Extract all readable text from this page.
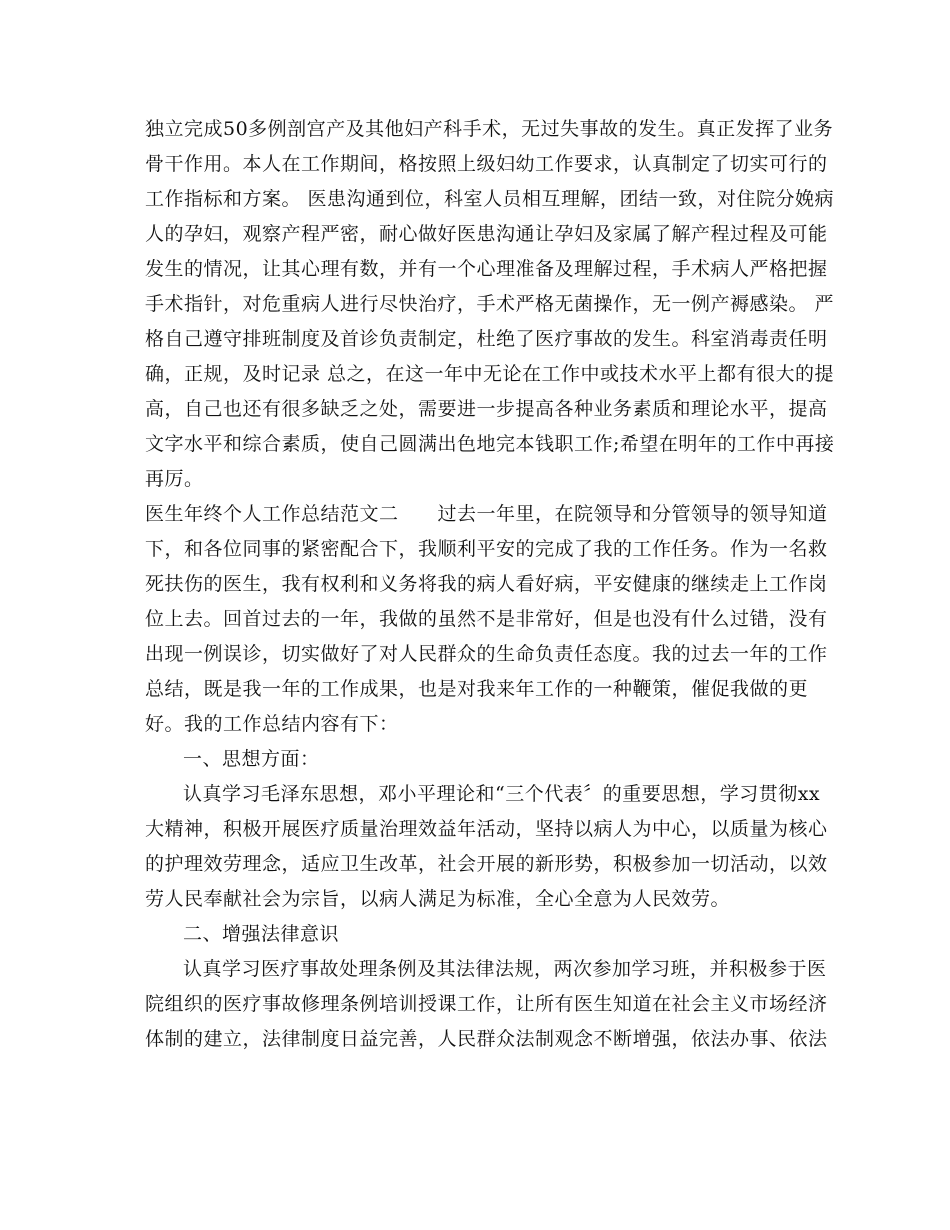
独立完成50多例剖宫产及其他妇产科手术，无过失事故的发生。真正发挥了业务
骨干作用。本人在工作期间，格按照上级妇幼工作要求，认真制定了切实可行的
工作指标和方案。 医患沟通到位，科室人员相互理解，团结一致，对住院分娩病
人的孕妇，观察产程严密，耐心做好医患沟通让孕妇及家属了解产程过程及可能
发生的情况，让其心理有数，并有一个心理准备及理解过程，手术病人严格把握
手术指针，对危重病人进行尽快治疗，手术严格无菌操作，无一例产褥感染。 严
格自己遵守排班制度及首诊负责制定，杜绝了医疗事故的发生。科室消毒责任明
确，正规，及时记录 总之，在这一年中无论在工作中或技术水平上都有很大的提
高，自己也还有很多缺乏之处，需要进一步提高各种业务素质和理论水平，提高
文字水平和综合素质，使自己圆满出色地完本钱职工作;希望在明年的工作中再接
再厉。
医生年终个人工作总结范文二　　过去一年里，在院领导和分管领导的领导知道
下，和各位同事的紧密配合下，我顺利平安的完成了我的工作任务。作为一名救
死扶伤的医生，我有权利和义务将我的病人看好病，平安健康的继续走上工作岗
位上去。回首过去的一年，我做的虽然不是非常好，但是也没有什么过错，没有
出现一例误诊，切实做好了对人民群众的生命负责任态度。我的过去一年的工作
总结，既是我一年的工作成果，也是对我来年工作的一种鞭策，催促我做的更
好。我的工作总结内容有下：
一、思想方面：
认真学习毛泽东思想，邓小平理论和“三个代表〞的重要思想，学习贯彻xx
大精神，积极开展医疗质量治理效益年活动，坚持以病人为中心，以质量为核心
的护理效劳理念，适应卫生改革，社会开展的新形势，积极参加一切活动，以效
劳人民奉献社会为宗旨，以病人满足为标准，全心全意为人民效劳。
二、增强法律意识
认真学习医疗事故处理条例及其法律法规，两次参加学习班，并积极参于医
院组织的医疗事故修理条例培训授课工作，让所有医生知道在社会主义市场经济
体制的建立，法律制度日益完善，人民群众法制观念不断增强，依法办事、依法
